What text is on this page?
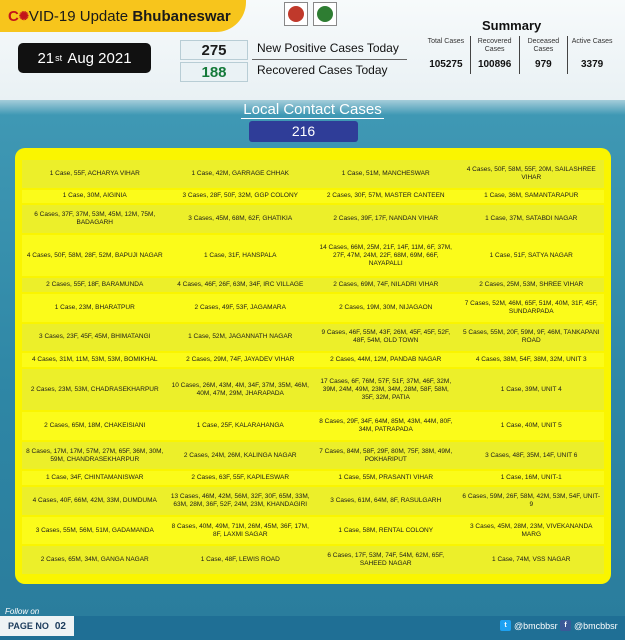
C ✺ VID-19 Update
Bhubaneswar
21 st
Aug 2021	275	New Positive Cases Today
188	Recovered Cases Today
Summary
Total Cases
105275
Recovered Cases
100896
Deceased Cases
979
Active Cases
3379
Local Contact Cases
216
1 Case, 55F, ACHARYA VIHAR	1 Case, 42M, GARRAGE CHHAK	1 Case, 51M, MANCHESWAR	4 Cases, 50F, 58M, 55F, 20M, SAILASHREE VIHAR
1 Case, 30M, AIGINIA	3 Cases, 28F, 50F, 32M, GGP COLONY	2 Cases, 30F, 57M, MASTER CANTEEN	1 Case, 36M, SAMANTARAPUR
6 Cases, 37F, 37M, 53M, 45M, 12M, 75M, BADAGARH	3 Cases, 45M, 68M, 62F, GHATIKIA	2 Cases, 39F, 17F, NANDAN VIHAR	1 Case, 37M, SATABDI NAGAR
4 Cases, 50F, 58M, 28F, 52M, BAPUJI NAGAR	1 Case, 31F, HANSPALA	14 Cases, 66M, 25M, 21F, 14F, 11M, 6F, 37M, 27F, 47M, 24M, 22F, 68M, 69M, 66F, NAYAPALLI	1 Case, 51F, SATYA NAGAR
2 Cases, 55F, 18F, BARAMUNDA	4 Cases, 46F, 26F, 63M, 34F, IRC VILLAGE	2 Cases, 69M, 74F, NILADRI VIHAR	2 Cases, 25M, 53M, SHREE VIHAR
1 Case, 23M, BHARATPUR	2 Cases, 49F, 53F, JAGAMARA	2 Cases, 19M, 30M, NIJAGAON	7 Cases, 52M, 46M, 65F, 51M, 40M, 31F, 45F, SUNDARPADA
3 Cases, 23F, 45F, 45M, BHIMATANGI	1 Case, 52M, JAGANNATH NAGAR	9 Cases, 46F, 55M, 43F, 26M, 45F, 45F, 52F, 48F, 54M, OLD TOWN	5 Cases, 55M, 20F, 59M, 9F, 46M, TANKAPANI ROAD
4 Cases, 31M, 11M, 53M, 53M, BOMIKHAL	2 Cases, 29M, 74F, JAYADEV VIHAR	2 Cases, 44M, 12M, PANDAB NAGAR	4 Cases, 38M, 54F, 38M, 32M, UNIT 3
2 Cases, 23M, 53M, CHADRASEKHARPUR	10 Cases, 26M, 43M, 4M, 34F, 37M, 35M, 46M, 40M, 47M, 29M, JHARAPADA	17 Cases, 6F, 76M, 57F, 51F, 37M, 46F, 32M, 39M, 24M, 49M, 23M, 34M, 28M, 58F, 58M, 35F, 32M, PATIA	1 Case, 39M, UNIT 4
2 Cases, 65M, 18M, CHAKEISIANI	1 Case, 25F, KALARAHANGA	8 Cases, 29F, 34F, 64M, 85M, 43M, 44M, 80F, 34M, PATRAPADA	1 Case, 40M, UNIT 5
8 Cases, 17M, 17M, 57M, 27M, 65F, 36M, 30M, 59M, CHANDRASEKHARPUR	2 Cases, 24M, 26M, KALINGA NAGAR	7 Cases, 84M, 58F, 29F, 80M, 75F, 38M, 49M, POKHARIPUT	3 Cases, 48F, 35M, 14F, UNIT 6
1 Case, 34F, CHINTAMANISWAR	2 Cases, 63F, 55F, KAPILESWAR	1 Case, 55M, PRASANTI VIHAR	1 Case, 16M, UNIT-1
4 Cases, 40F, 66M, 42M, 33M, DUMDUMA	13 Cases, 46M, 42M, 56M, 32F, 30F, 65M, 33M, 63M, 28M, 36F, 52F, 24M, 23M, KHANDAGIRI	3 Cases, 61M, 64M, 8F, RASULGARH	6 Cases, 59M, 26F, 58M, 42M, 53M, 54F, UNIT-9
3 Cases, 55M, 56M, 51M, GADAMANDA	8 Cases, 40M, 49M, 71M, 26M, 45M, 36F, 17M, 8F, LAXMI SAGAR	1 Case, 58M, RENTAL COLONY	3 Cases, 45M, 28M, 23M, VIVEKANANDA MARG
2 Cases, 65M, 34M, GANGA NAGAR	1 Case, 48F, LEWIS ROAD	6 Cases, 17F, 53M, 74F, 54M, 62M, 65F, SAHEED NAGAR	1 Case, 74M, VSS NAGAR
Follow on
PAGE NO 02	t @bmcbbsr f @bmcbbsr
